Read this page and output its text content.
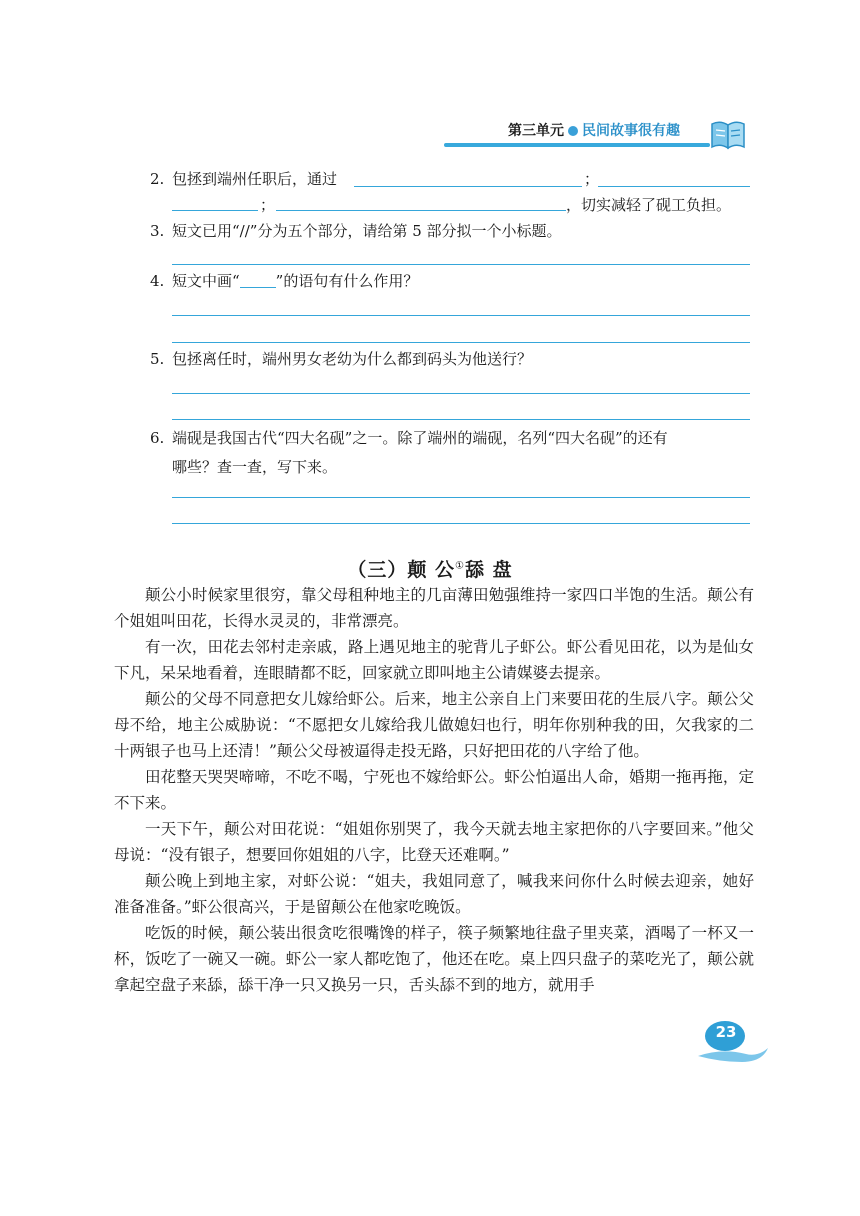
第三单元 民间故事很有趣
2. 包拯到端州任职后，通过	；
；	，切实减轻了砚工负担。
3. 短文已用“//”分为五个部分，请给第 5 部分拟一个小标题。
4. 短文中画“ ”的语句有什么作用？
5. 包拯离任时，端州男女老幼为什么都到码头为他送行？
6. 端砚是我国古代“四大名砚”之一。除了端州的端砚，名列“四大名砚”的还有
哪些？查一查，写下来。
（三）颠 公①舔 盘

颠公小时候家里很穷，靠父母租种地主的几亩薄田勉强维持一家四口半饱的生活。颠公有个姐姐叫田花，长得水灵灵的，非常漂亮。

有一次，田花去邻村走亲戚，路上遇见地主的驼背儿子虾公。虾公看见田花，以为是仙女下凡，呆呆地看着，连眼睛都不眨，回家就立即叫地主公请媒婆去提亲。

颠公的父母不同意把女儿嫁给虾公。后来，地主公亲自上门来要田花的生辰八字。颠公父母不给，地主公威胁说：“不愿把女儿嫁给我儿做媳妇也行，明年你别种我的田，欠我家的二十两银子也马上还清！”颠公父母被逼得走投无路，只好把田花的八字给了他。

田花整天哭哭啼啼，不吃不喝，宁死也不嫁给虾公。虾公怕逼出人命，婚期一拖再拖，定不下来。

一天下午，颠公对田花说：“姐姐你别哭了，我今天就去地主家把你的八字要回来。”他父母说：“没有银子，想要回你姐姐的八字，比登天还难啊。”

颠公晚上到地主家，对虾公说：“姐夫，我姐同意了，喊我来问你什么时候去迎亲，她好准备准备。”虾公很高兴，于是留颠公在他家吃晚饭。

吃饭的时候，颠公装出很贪吃很嘴馋的样子，筷子频繁地往盘子里夹菜，酒喝了一杯又一杯，饭吃了一碗又一碗。虾公一家人都吃饱了，他还在吃。桌上四只盘子的菜吃光了，颠公就拿起空盘子来舔，舔干净一只又换另一只，舌头舔不到的地方，就用手

23
